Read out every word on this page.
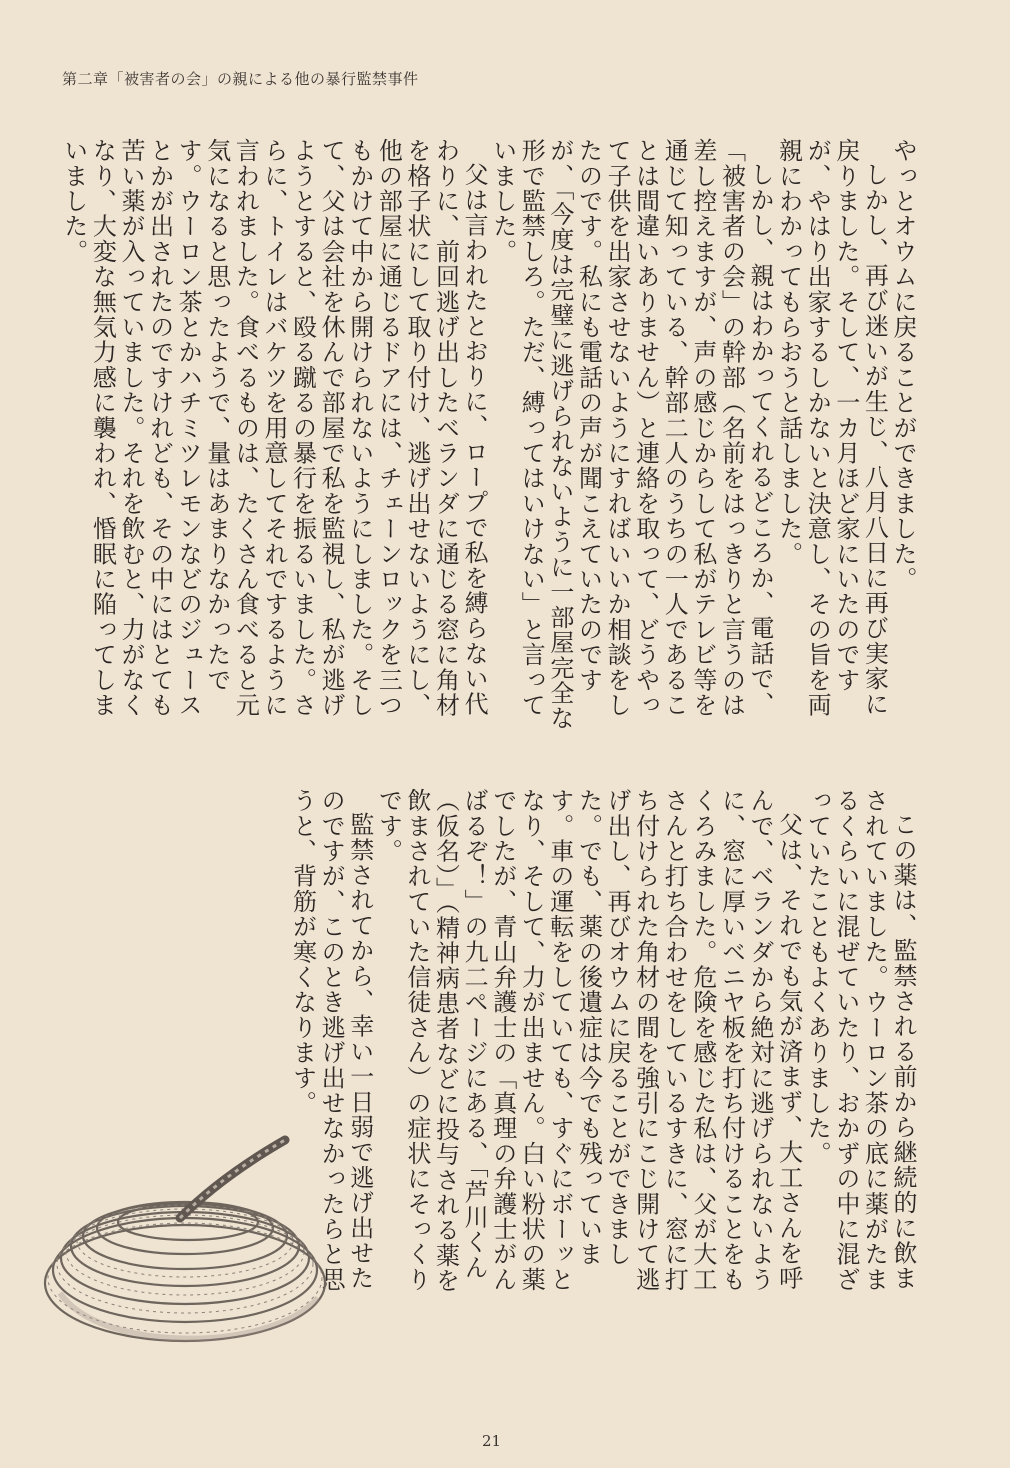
第二章「被害者の会」の親による他の暴行監禁事件

やっとオウムに戻ることができました。

しかし、再び迷いが生じ、八月八日に再び実家に戻りました。そして、一カ月ほど家にいたのですが、やはり出家するしかないと決意し、その旨を両親にわかってもらおうと話しました。

しかし、親はわかってくれるどころか、電話で、「被害者の会」の幹部（名前をはっきりと言うのは差し控えますが、声の感じからして私がテレビ等を通じて知っている、幹部二人のうちの一人であることは間違いありません）と連絡を取って、どうやって子供を出家させないようにすればいいか相談をしたのです。私にも電話の声が聞こえていたのですが、「今度は完璧に逃げられないように一部屋完全な形で監禁しろ。ただ、縛ってはいけない」と言っていました。

父は言われたとおりに、ロープで私を縛らない代わりに、前回逃げ出したベランダに通じる窓に角材を格子状にして取り付け、逃げ出せないようにし、他の部屋に通じるドアには、チェーンロックを三つもかけて中から開けられないようにしました。そして、父は会社を休んで部屋で私を監視し、私が逃げようとすると、殴る蹴るの暴行を振るいました。さらに、トイレはバケツを用意してそれでするように言われました。食べるものは、たくさん食べると元気になると思ったようで、量はあまりなかったです。ウーロン茶とかハチミツレモンなどのジュースとかが出されたのですけれども、その中にはとても苦い薬が入っていました。それを飲むと、力がなくなり、大変な無気力感に襲われ、惛眠に陥ってしまいました。

この薬は、監禁される前から継続的に飲まされていました。ウーロン茶の底に薬がたまるくらいに混ぜていたり、おかずの中に混ざっていたこともよくありました。

父は、それでも気が済まず、大工さんを呼んで、ベランダから絶対に逃げられないように、窓に厚いベニヤ板を打ち付けることをもくろみました。危険を感じた私は、父が大工さんと打ち合わせをしているすきに、窓に打ち付けられた角材の間を強引にこじ開けて逃げ出し、再びオウムに戻ることができました。でも、薬の後遺症は今でも残っています。車の運転をしていても、すぐにボーッとなり、そして、力が出ません。白い粉状の薬でしたが、青山弁護士の「真理の弁護士がんばるぞ！」の九二ページにある、「芦川くん（仮名）」（精神病患者などに投与される薬を飲まされていた信徒さん）の症状にそっくりです。

監禁されてから、幸い一日弱で逃げ出せたのですが、このとき逃げ出せなかったらと思うと、背筋が寒くなります。

21
